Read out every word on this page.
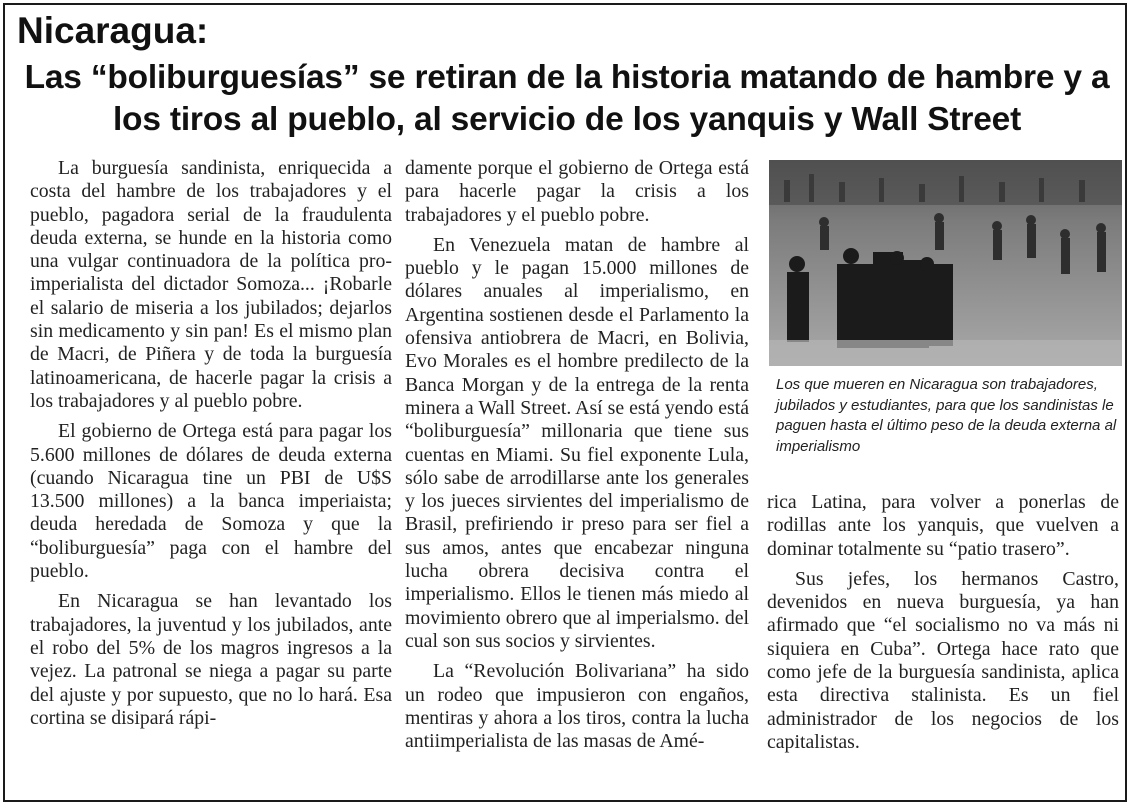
Nicaragua:
Las “boliburguesías” se retiran de la historia matando de hambre y a los tiros al pueblo, al servicio de los yanquis y Wall Street

La burguesía sandinista, enriquecida a costa del hambre de los trabajadores y el pueblo, pagadora serial de la fraudulenta deuda externa, se hunde en la historia como una vulgar continuadora de la política pro-imperialista del dictador Somoza... ¡Robarle el salario de miseria a los jubilados; dejarlos sin medicamento y sin pan! Es el mismo plan de Macri, de Piñera y de toda la burguesía latinoamericana, de hacerle pagar la crisis a los trabajadores y al pueblo pobre.

El gobierno de Ortega está para pagar los 5.600 millones de dólares de deuda externa (cuando Nicaragua tine un PBI de U$S 13.500 millones) a la banca imperiaista; deuda heredada de Somoza y que la “boliburguesía” paga con el hambre del pueblo.

En Nicaragua se han levantado los trabajadores, la juventud y los jubilados, ante el robo del 5% de los magros ingresos a la vejez. La patronal se niega a pagar su parte del ajuste y por supuesto, que no lo hará. Esa cortina se disipará rápi-

damente porque el gobierno de Ortega está para hacerle pagar la crisis a los trabajadores y el pueblo pobre.

En Venezuela matan de hambre al pueblo y le pagan 15.000 millones de dólares anuales al imperialismo, en Argentina sostienen desde el Parlamento la ofensiva antiobrera de Macri, en Bolivia, Evo Morales es el hombre predilecto de la Banca Morgan y de la entrega de la renta minera a Wall Street. Así se está yendo está “boliburguesía” millonaria que tiene sus cuentas en Miami. Su fiel exponente Lula, sólo sabe de arrodillarse ante los generales y los jueces sirvientes del imperialismo de Brasil, prefiriendo ir preso para ser fiel a sus amos, antes que encabezar ninguna lucha obrera decisiva contra el imperialismo. Ellos le tienen más miedo al movimiento obrero que al imperialsmo. del cual son sus socios y sirvientes.

La “Revolución Bolivariana” ha sido un rodeo que impusieron con engaños, mentiras y ahora a los tiros, contra la lucha antiimperialista de las masas de Amé-

Los que mueren en Nicaragua son trabajadores, jubilados y estudiantes, para que los sandinistas le paguen hasta el último peso de la deuda externa al imperialismo

rica Latina, para volver a ponerlas de rodillas ante los yanquis, que vuelven a dominar totalmente su “patio trasero”.

Sus jefes, los hermanos Castro, devenidos en nueva burguesía, ya han afirmado que “el socialismo no va más ni siquiera en Cuba”. Ortega hace rato que como jefe de la burguesía sandinista, aplica esta directiva stalinista. Es un fiel administrador de los negocios de los capitalistas.
